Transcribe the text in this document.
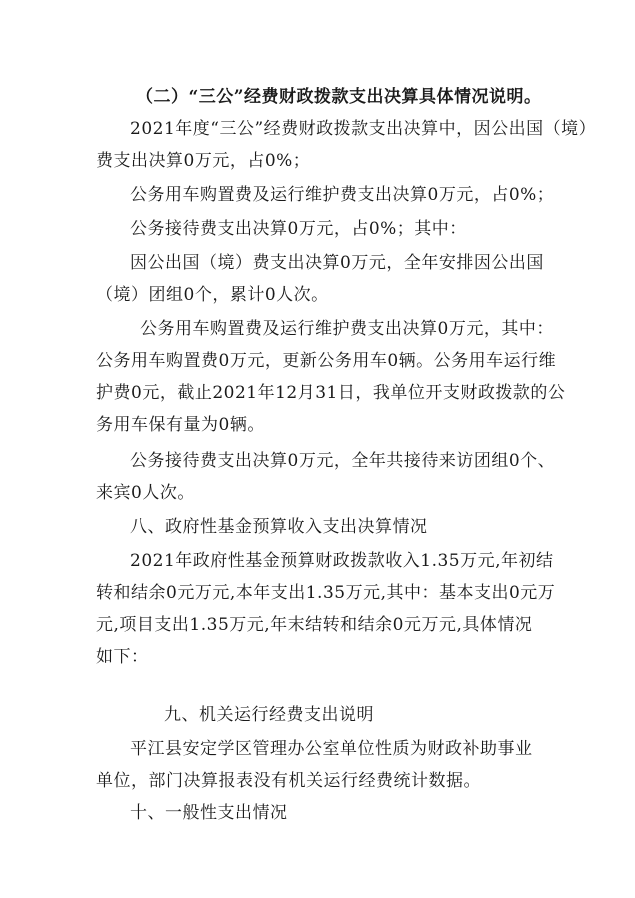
（二）“三公”经费财政拨款支出决算具体情况说明。
2021年度“三公”经费财政拨款支出决算中，因公出国（境）
费支出决算0万元，占0%；
公务用车购置费及运行维护费支出决算0万元，占0%；
公务接待费支出决算0万元，占0%；其中：
因公出国（境）费支出决算0万元，全年安排因公出国
（境）团组0个，累计0人次。
公务用车购置费及运行维护费支出决算0万元，其中：
公务用车购置费0万元，更新公务用车0辆。公务用车运行维
护费0元，截止2021年12月31日，我单位开支财政拨款的公
务用车保有量为0辆。
公务接待费支出决算0万元，全年共接待来访团组0个、
来宾0人次。
八、政府性基金预算收入支出决算情况
2021年政府性基金预算财政拨款收入1.35万元,年初结
转和结余0元万元,本年支出1.35万元,其中：基本支出0元万
元,项目支出1.35万元,年末结转和结余0元万元,具体情况
如下：
九、机关运行经费支出说明
平江县安定学区管理办公室单位性质为财政补助事业
单位，部门决算报表没有机关运行经费统计数据。
十、一般性支出情况
